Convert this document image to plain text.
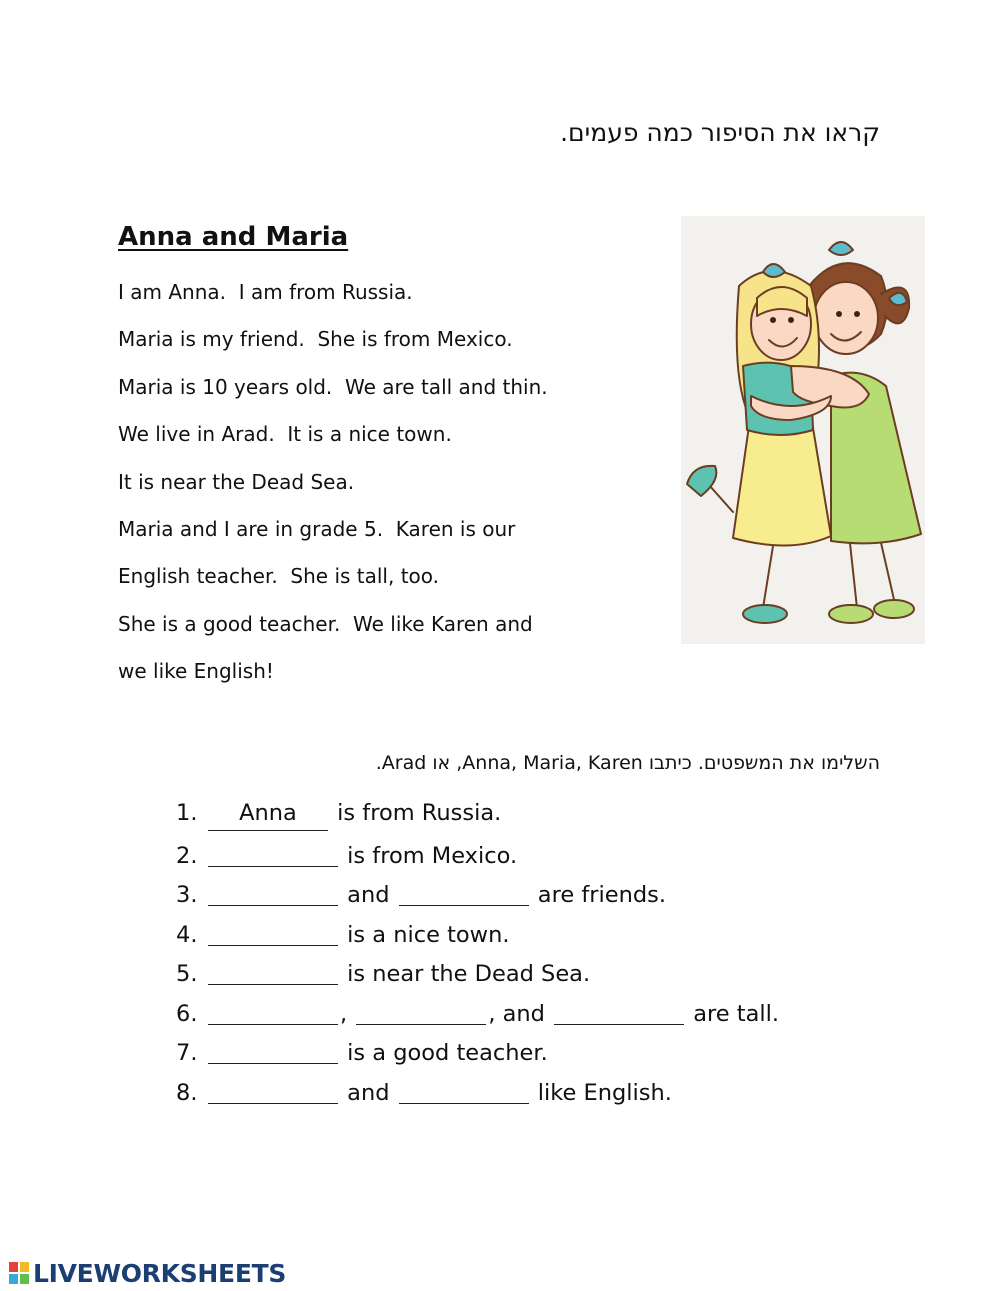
קראו את הסיפור כמה פעמים.
Anna and Maria
I am Anna.  I am from Russia.
Maria is my friend.  She is from Mexico.
Maria is 10 years old.  We are tall and thin.
We live in Arad.  It is a nice town.
It is near the Dead Sea.
Maria and I are in grade 5.  Karen is our
English teacher.  She is tall, too.
She is a good teacher.  We like Karen and
we like English!
השלימו את המשפטים. כיתבו Anna, Maria, Karen, או Arad.
1.	Anna	is from Russia.
2.	is from Mexico.
3.	and	are friends.
4.	is a nice town.
5.	is near the Dead Sea.
6.	,	, and	are tall.
7.	is a good teacher.
8.	and	like English.
LIVEWORKSHEETS
